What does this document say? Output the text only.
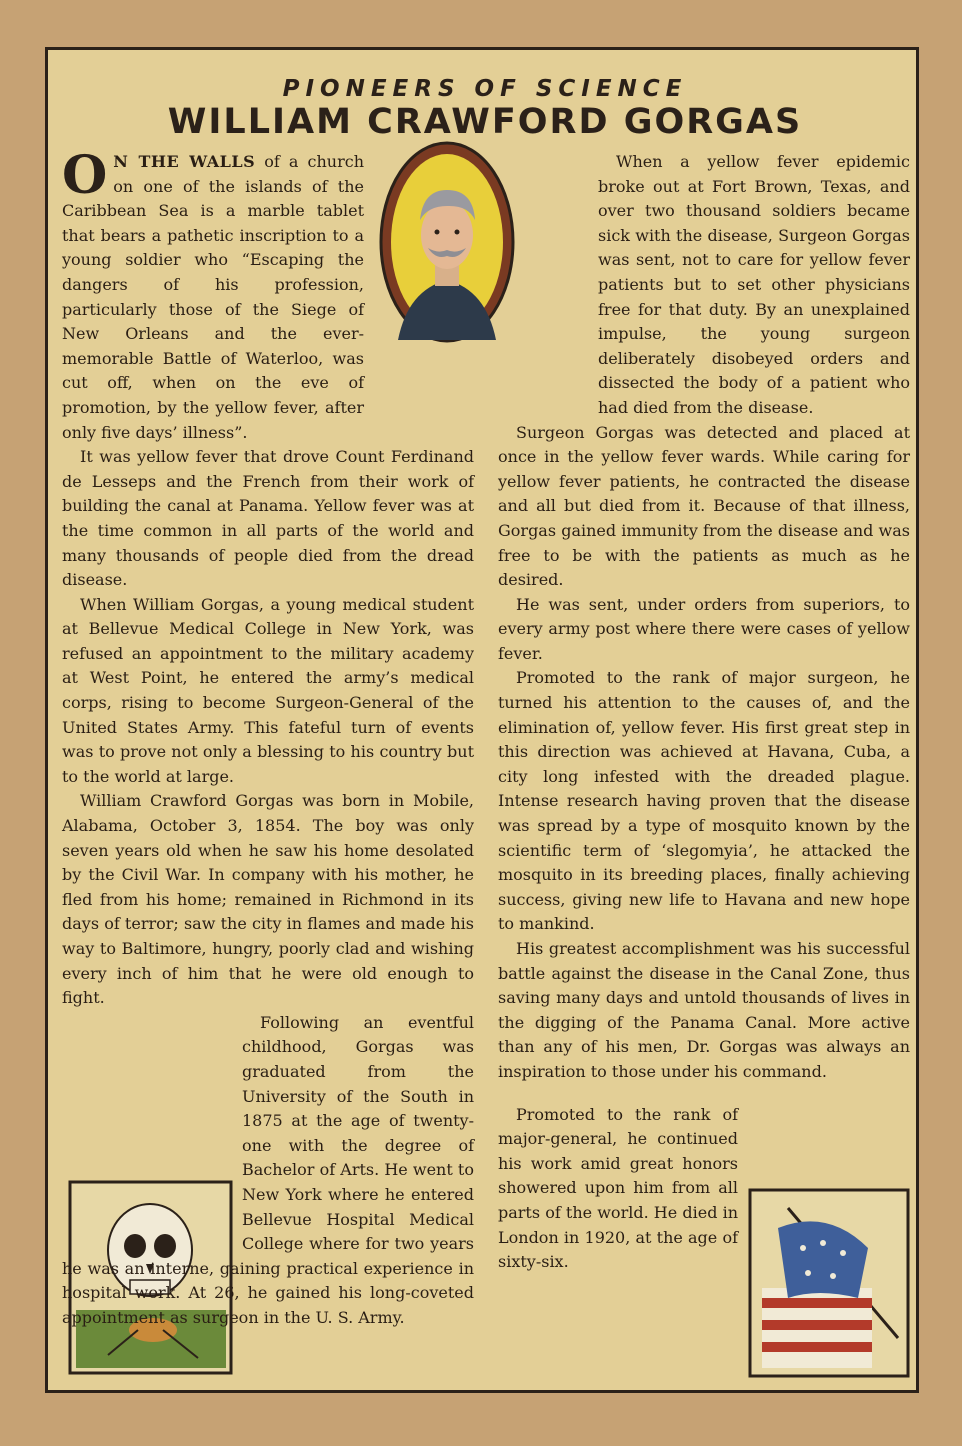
PIONEERS OF SCIENCE
WILLIAM CRAWFORD GORGAS

O N THE WALLS of a church on one of the islands of the Caribbean Sea is a marble tablet that bears a pathetic inscription to a young soldier who “Escaping the dangers of his profession, particularly those of the Siege of New Orleans and the ever-memorable Battle of Waterloo, was cut off, when on the eve of promotion, by the yellow fever, after only five days’ illness”.

It was yellow fever that drove Count Ferdinand de Lesseps and the French from their work of building the canal at Panama. Yellow fever was at the time common in all parts of the world and many thousands of people died from the dread disease.

When William Gorgas, a young medical student at Bellevue Medical College in New York, was refused an appointment to the military academy at West Point, he entered the army’s medical corps, rising to become Surgeon-General of the United States Army. This fateful turn of events was to prove not only a blessing to his country but to the world at large.

William Crawford Gorgas was born in Mobile, Alabama, October 3, 1854. The boy was only seven years old when he saw his home desolated by the Civil War. In company with his mother, he fled from his home; remained in Richmond in its days of terror; saw the city in flames and made his way to Baltimore, hungry, poorly clad and wishing every inch of him that he were old enough to fight.

Following an eventful childhood, Gorgas was graduated from the University of the South in 1875 at the age of twenty-one with the degree of Bachelor of Arts. He went to New York where he entered Bellevue Hospital Medical College where for two years he was an interne, gaining practical experience in hospital work. At 26, he gained his long-coveted appointment as surgeon in the U. S. Army.

When a yellow fever epidemic broke out at Fort Brown, Texas, and over two thousand soldiers became sick with the disease, Surgeon Gorgas was sent, not to care for yellow fever patients but to set other physicians free for that duty. By an unexplained impulse, the young surgeon deliberately disobeyed orders and dissected the body of a patient who had died from the disease.

Surgeon Gorgas was detected and placed at once in the yellow fever wards. While caring for yellow fever patients, he contracted the disease and all but died from it. Because of that illness, Gorgas gained immunity from the disease and was free to be with the patients as much as he desired.

He was sent, under orders from superiors, to every army post where there were cases of yellow fever.

Promoted to the rank of major surgeon, he turned his attention to the causes of, and the elimination of, yellow fever. His first great step in this direction was achieved at Havana, Cuba, a city long infested with the dreaded plague. Intense research having proven that the disease was spread by a type of mosquito known by the scientific term of ‘slegomyia’, he attacked the mosquito in its breeding places, finally achieving success, giving new life to Havana and new hope to mankind.

His greatest accomplishment was his successful battle against the disease in the Canal Zone, thus saving many days and untold thousands of lives in the digging of the Panama Canal. More active than any of his men, Dr. Gorgas was always an inspiration to those under his command.

Promoted to the rank of major-general, he continued his work amid great honors showered upon him from all parts of the world. He died in London in 1920, at the age of sixty-six.
